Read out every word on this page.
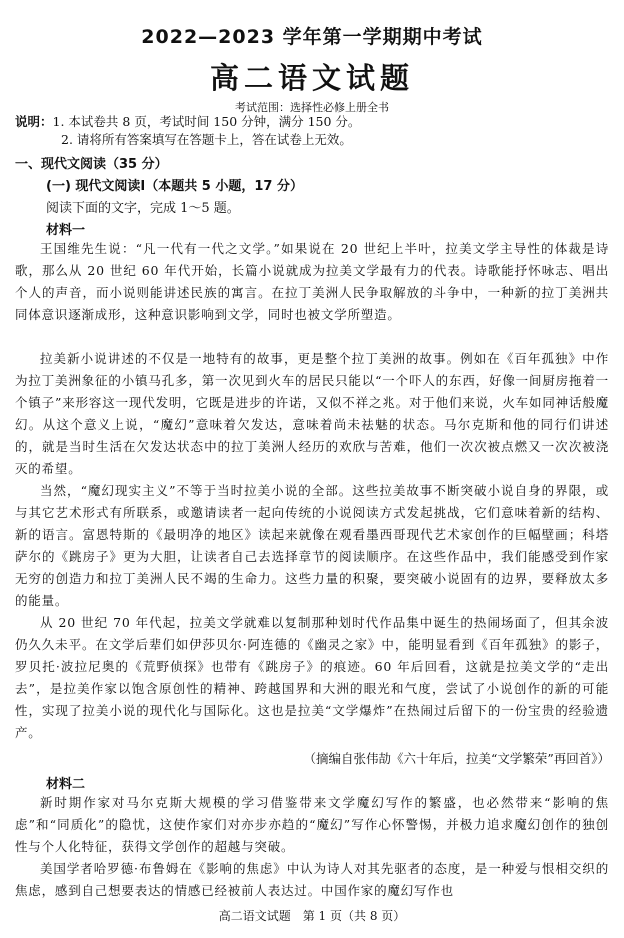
2022—2023 学年第一学期期中考试
高二语文试题
考试范围：选择性必修上册全书
说明：1. 本试卷共 8 页，考试时间 150 分钟，满分 150 分。
2. 请将所有答案填写在答题卡上，答在试卷上无效。
一、现代文阅读（35 分）
(一) 现代文阅读Ⅰ（本题共 5 小题，17 分）
阅读下面的文字，完成 1～5 题。
材料一
王国维先生说：“凡一代有一代之文学。”如果说在 20 世纪上半叶，拉美文学主导性的体裁是诗歌，那么从 20 世纪 60 年代开始，长篇小说就成为拉美文学最有力的代表。诗歌能抒怀咏志、唱出个人的声音，而小说则能讲述民族的寓言。在拉丁美洲人民争取解放的斗争中，一种新的拉丁美洲共同体意识逐渐成形，这种意识影响到文学，同时也被文学所塑造。
拉美新小说讲述的不仅是一地特有的故事，更是整个拉丁美洲的故事。例如在《百年孤独》中作为拉丁美洲象征的小镇马孔多，第一次见到火车的居民只能以“一个吓人的东西，好像一间厨房拖着一个镇子”来形容这一现代发明，它既是进步的许诺，又似不祥之兆。对于他们来说，火车如同神话般魔幻。从这个意义上说，“魔幻”意味着欠发达，意味着尚未祛魅的状态。马尔克斯和他的同行们讲述的，就是当时生活在欠发达状态中的拉丁美洲人经历的欢欣与苦难，他们一次次被点燃又一次次被浇灭的希望。
当然，“魔幻现实主义”不等于当时拉美小说的全部。这些拉美故事不断突破小说自身的界限，或与其它艺术形式有所联系，或邀请读者一起向传统的小说阅读方式发起挑战，它们意味着新的结构、新的语言。富恩特斯的《最明净的地区》读起来就像在观看墨西哥现代艺术家创作的巨幅壁画；科塔萨尔的《跳房子》更为大胆，让读者自己去选择章节的阅读顺序。在这些作品中，我们能感受到作家无穷的创造力和拉丁美洲人民不竭的生命力。这些力量的积聚，要突破小说固有的边界，要释放太多的能量。
从 20 世纪 70 年代起，拉美文学就难以复制那种划时代作品集中诞生的热闹场面了，但其余波仍久久未平。在文学后辈们如伊莎贝尔·阿连德的《幽灵之家》中，能明显看到《百年孤独》的影子，罗贝托·波拉尼奥的《荒野侦探》也带有《跳房子》的痕迹。60 年后回看，这就是拉美文学的“走出去”，是拉美作家以饱含原创性的精神、跨越国界和大洲的眼光和气度，尝试了小说创作的新的可能性，实现了拉美小说的现代化与国际化。这也是拉美“文学爆炸”在热闹过后留下的一份宝贵的经验遗产。
（摘编自张伟劼《六十年后，拉美“文学繁荣”再回首》）
材料二
新时期作家对马尔克斯大规模的学习借鉴带来文学魔幻写作的繁盛，也必然带来“影响的焦虑”和“同质化”的隐忧，这使作家们对亦步亦趋的“魔幻”写作心怀警惕，并极力追求魔幻创作的独创性与个人化特征，获得文学创作的超越与突破。
美国学者哈罗德·布鲁姆在《影响的焦虑》中认为诗人对其先驱者的态度，是一种爱与恨相交织的焦虑，感到自己想要表达的情感已经被前人表达过。中国作家的魔幻写作也
高二语文试题　第 1 页（共 8 页）
